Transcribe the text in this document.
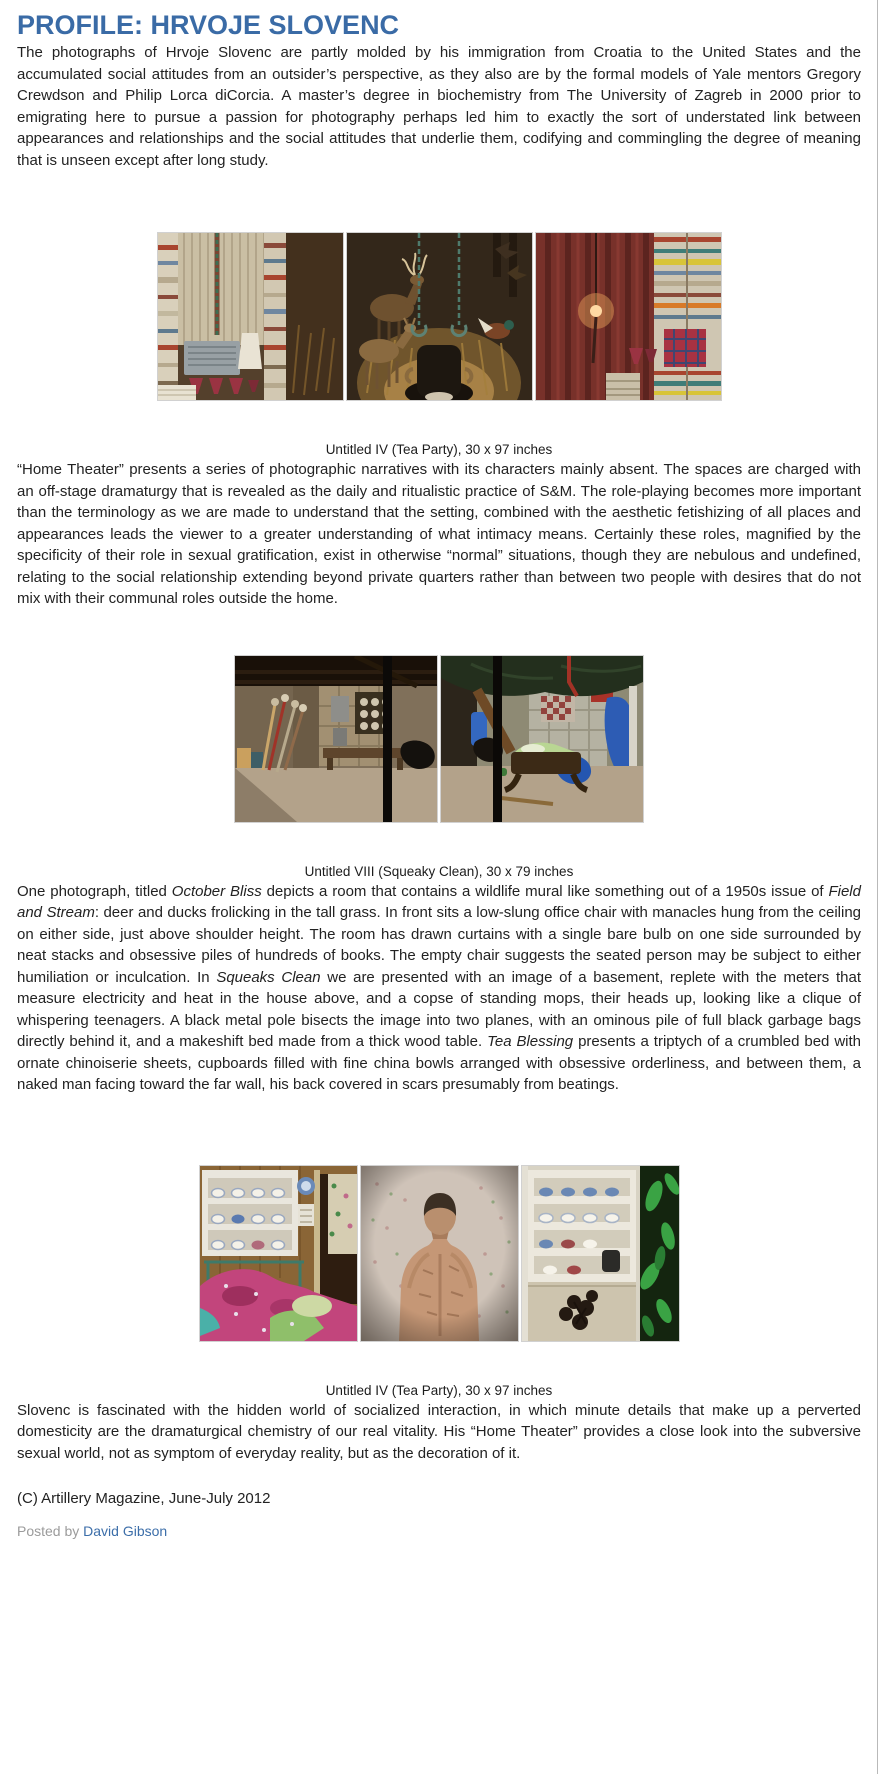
PROFILE: HRVOJE SLOVENC

The photographs of Hrvoje Slovenc are partly molded by his immigration from Croatia to the United States and the accumulated social attitudes from an outsider’s perspective, as they also are by the formal models of Yale mentors Gregory Crewdson and Philip Lorca diCorcia. A master’s degree in biochemistry from The University of Zagreb in 2000 prior to emigrating here to pursue a passion for photography perhaps led him to exactly the sort of understated link between appearances and relationships and the social attitudes that underlie them, codifying and commingling the degree of meaning that is unseen except after long study.

Untitled IV (Tea Party), 30 x 97 inches

“Home Theater” presents a series of photographic narratives with its characters mainly absent. The spaces are charged with an off-stage dramaturgy that is revealed as the daily and ritualistic practice of S&M. The role-playing becomes more important than the terminology as we are made to understand that the setting, combined with the aesthetic fetishizing of all places and appearances leads the viewer to a greater understanding of what intimacy means. Certainly these roles, magnified by the specificity of their role in sexual gratification, exist in otherwise “normal” situations, though they are nebulous and undefined, relating to the social relationship extending beyond private quarters rather than between two people with desires that do not mix with their communal roles outside the home.

Untitled VIII (Squeaky Clean), 30 x 79 inches

One photograph, titled October Bliss depicts a room that contains a wildlife mural like something out of a 1950s issue of Field and Stream: deer and ducks frolicking in the tall grass. In front sits a low-slung office chair with manacles hung from the ceiling on either side, just above shoulder height. The room has drawn curtains with a single bare bulb on one side surrounded by neat stacks and obsessive piles of hundreds of books. The empty chair suggests the seated person may be subject to either humiliation or inculcation. In Squeaks Clean we are presented with an image of a basement, replete with the meters that measure electricity and heat in the house above, and a copse of standing mops, their heads up, looking like a clique of whispering teenagers. A black metal pole bisects the image into two planes, with an ominous pile of full black garbage bags directly behind it, and a makeshift bed made from a thick wood table. Tea Blessing presents a triptych of a crumbled bed with ornate chinoiserie sheets, cupboards filled with fine china bowls arranged with obsessive orderliness, and between them, a naked man facing toward the far wall, his back covered in scars presumably from beatings.

Untitled IV (Tea Party), 30 x 97 inches

Slovenc is fascinated with the hidden world of socialized interaction, in which minute details that make up a perverted domesticity are the dramaturgical chemistry of our real vitality. His “Home Theater” provides a close look into the subversive sexual world, not as symptom of everyday reality, but as the decoration of it.

(C) Artillery Magazine, June-July 2012
Posted by David Gibson
